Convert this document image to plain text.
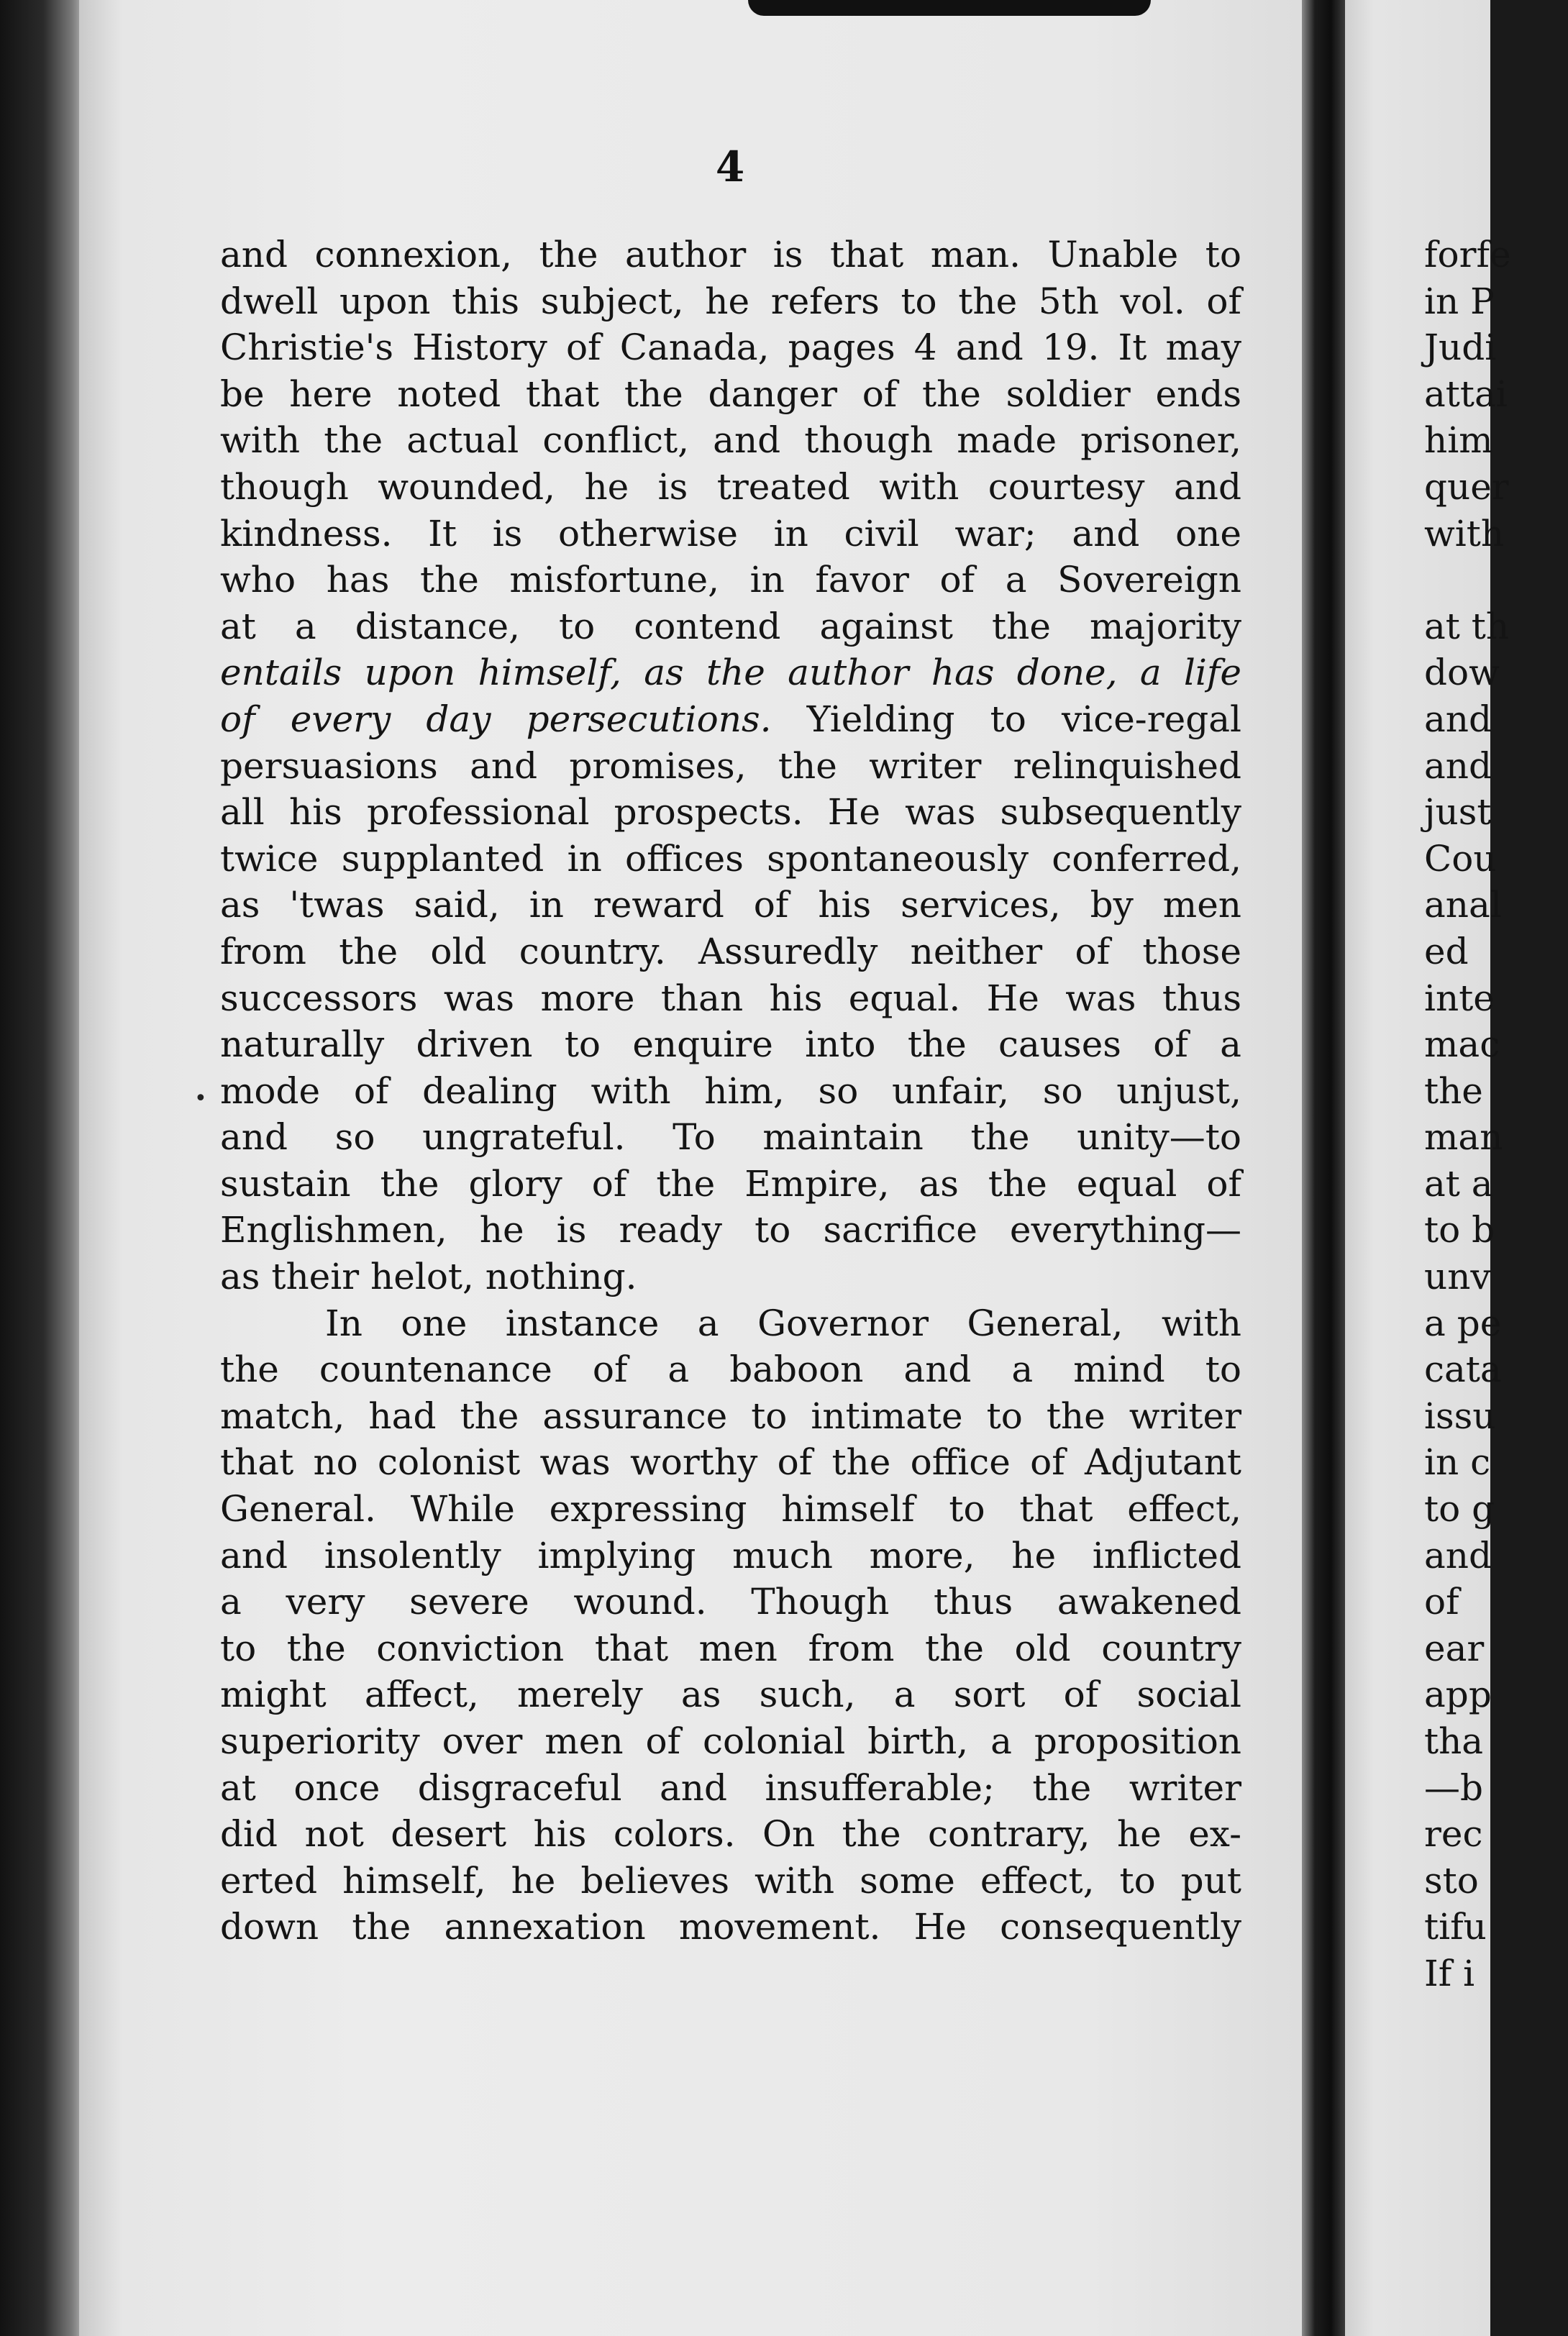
4
•
and connexion, the author is that man. Unable to
dwell upon this subject, he refers to the 5th vol. of
Christie's History of Canada, pages 4 and 19. It may
be here noted that the danger of the soldier ends
with the actual conflict, and though made prisoner,
though wounded, he is treated with courtesy and
kindness. It is otherwise in civil war; and one
who has the misfortune, in favor of a Sovereign
at a distance, to contend against the majority
entails upon himself, as the author has done, a life
of every day persecutions. Yielding to vice-regal
persuasions and promises, the writer relinquished
all his professional prospects. He was subsequently
twice supplanted in offices spontaneously conferred,
as 'twas said, in reward of his services, by men
from the old country. Assuredly neither of those
successors was more than his equal. He was thus
naturally driven to enquire into the causes of a
mode of dealing with him, so unfair, so unjust,
and so ungrateful. To maintain the unity—to
sustain the glory of the Empire, as the equal of
Englishmen, he is ready to sacrifice everything—
as their helot, nothing.
In one instance a Governor General, with
the countenance of a baboon and a mind to
match, had the assurance to intimate to the writer
that no colonist was worthy of the office of Adjutant
General. While expressing himself to that effect,
and insolently implying much more, he inflicted
a very severe wound. Though thus awakened
to the conviction that men from the old country
might affect, merely as such, a sort of social
superiority over men of colonial birth, a proposition
at once disgraceful and insufferable; the writer
did not desert his colors. On the contrary, he ex-
erted himself, he believes with some effect, to put
down the annexation movement. He consequently
forfe
in P
Judi
attai
him
quer
with
at th
dow
and
and
just
Cou
anal
ed
inte
mac
the
man
at a
to b
unv
a pe
cata
issu
in c
to g
and
of
ear
app
tha
—b
rec
sto
tifu
If i
